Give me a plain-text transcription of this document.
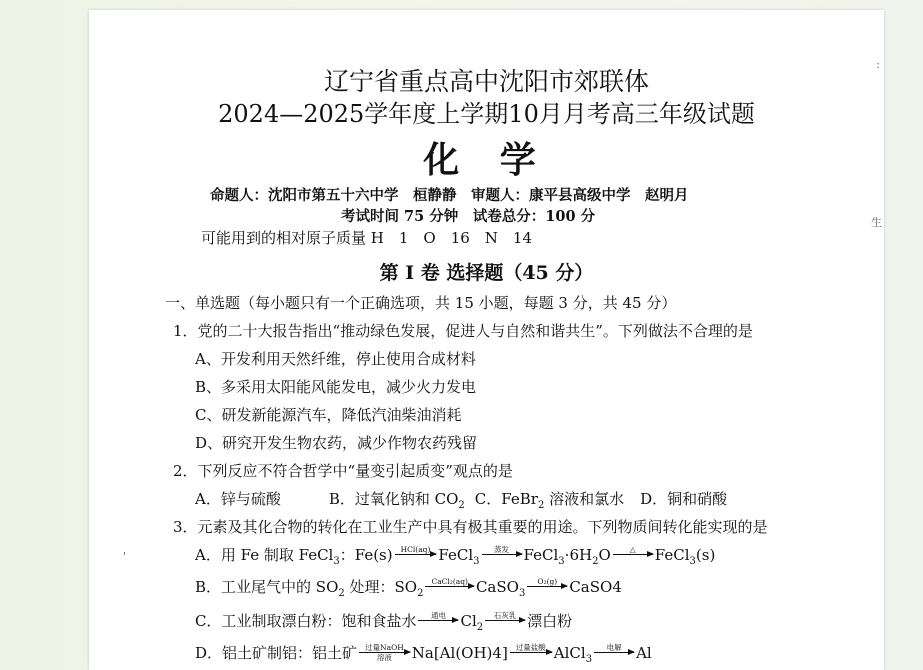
辽宁省重点高中沈阳市郊联体
2024—2025学年度上学期10月月考高三年级试题
化 学
命题人：沈阳市第五十六中学　桓静静　审题人：康平县高级中学　赵明月
考试时间 75 分钟　试卷总分：100 分
可能用到的相对原子质量 H　1　O　16　N　14
第 I 卷 选择题（45 分）
一、单选题（每小题只有一个正确选项，共 15 小题，每题 3 分，共 45 分）
1．党的二十大报告指出“推动绿色发展，促进人与自然和谐共生”。下列做法不合理的是
A、开发利用天然纤维，停止使用合成材料
B、多采用太阳能风能发电，减少火力发电
C、研发新能源汽车，降低汽油柴油消耗
D、研究开发生物农药，减少作物农药残留
2．下列反应不符合哲学中“量变引起质变”观点的是
A．锌与硫酸	B．过氧化钠和 $CO_2$ C．FeBr$_2$ 溶液和氯水 D．铜和硝酸
3．元素及其化合物的转化在工业生产中具有极其重要的用途。下列物质间转化能实现的是
A．用 Fe 制取 FeCl$_3$：Fe(s)	HCl(aq)
FeCl$_3$
蒸发
$FeCl_3\cdot 6H_2O$	△
	FeCl$_3$(s)
B．工业尾气中的 $SO_2$ 处理：$SO_2$
CaCl₂(aq)
CaSO$_3$
O₂(g)
CaSO4
C．工业制取漂白粉：饱和食盐水	通电
$Cl_2$
石灰乳
漂白粉
D．铝土矿制铝：铝土矿	过量NaOH
溶液 Na[Al(OH)4]	过量盐酸
AlCl$_3$
电解
Al
:
生
'
